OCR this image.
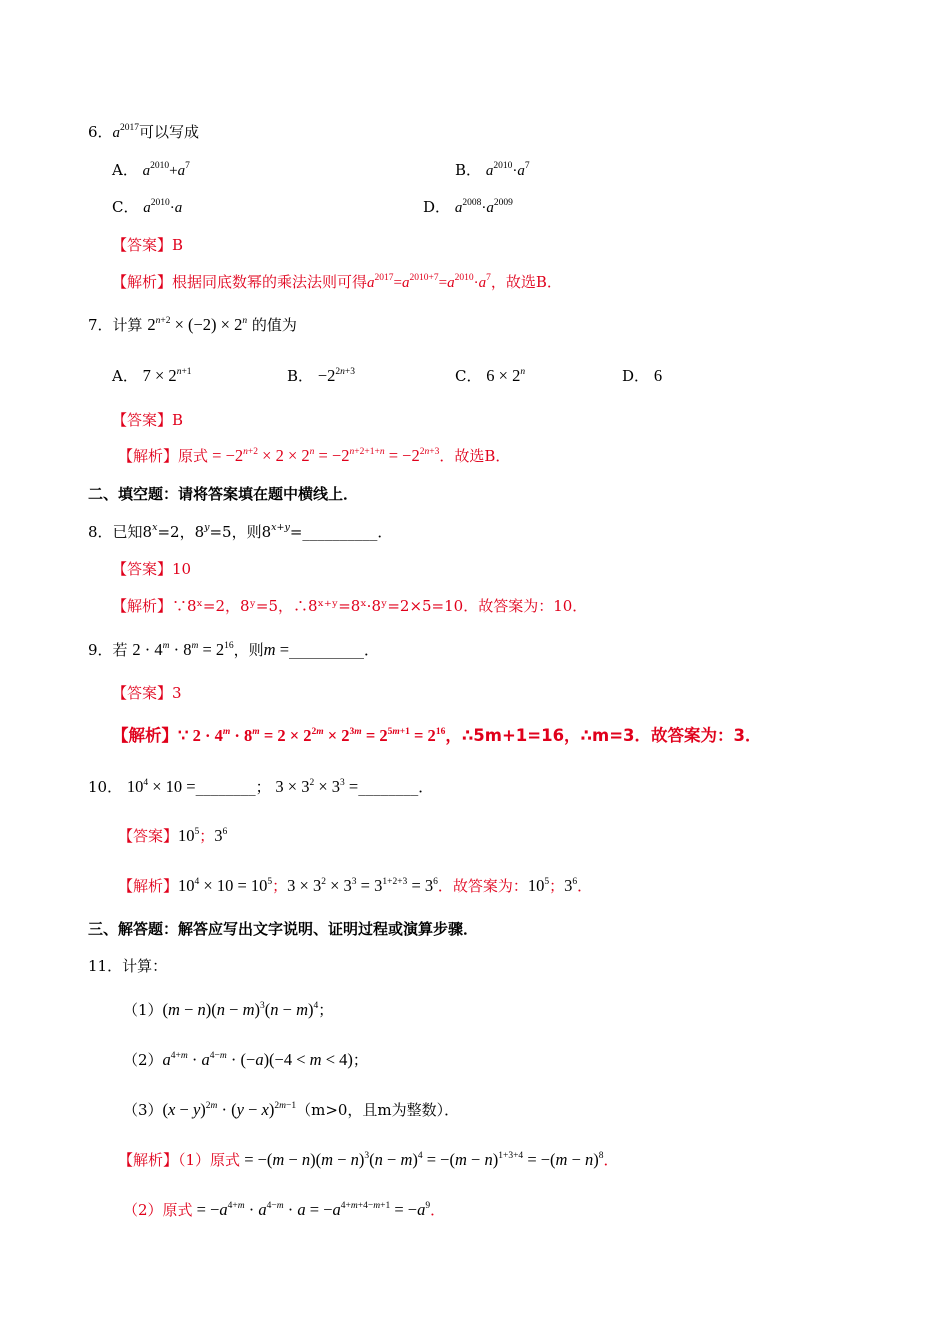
6．$a^{2017}$可以写成
A． $a^{2010}+a^7$	B． $a^{2010}\cdot a^7$
C． $a^{2010}\cdot a$	D． $a^{2008}\cdot a^{2009}$
【答案】B
【解析】根据同底数幂的乘法法则可得$a^{2017}=a^{2010+7}=a^{2010}\cdot a^7$，故选B．
7．计算 $2^{n+2} \times (-2) \times 2^n$ 的值为
A． $7 \times 2^{n+1}$	B． $-2^{2n+3}$	C． $6 \times 2^n$	D． 6
【答案】B
【解析】原式 = $-2^{n+2} \times 2 \times 2^n = -2^{n+2+1+n} = -2^{2n+3}$．故选B．
二、填空题：请将答案填在题中横线上．
8．已知$8^x=2$，$8^y=5$，则$8^{x+y}=\_\_\_\_\_\_\_\_\_\_$．
【答案】10
【解析】∵8ˣ=2，8ʸ=5，∴8ˣ⁺ʸ=8ˣ·8ʸ=2×5=10．故答案为：10．
9．若 $2 \cdot 4^m \cdot 8^m = 2^{16}$，则m =__________．
【答案】3
【解析】∵ $2 \cdot 4^m \cdot 8^m = 2 \times 2^{2m} \times 2^{3m} = 2^{5m+1} = 2^{16}$，∴5m+1=16，∴m=3．故答案为：3．
10． $10^4 \times 10$ =________； $3 \times 3^2 \times 3^3$ =________．
【答案】$10^5$；$3^6$
【解析】$10^4 \times 10 = 10^5$；$3 \times 3^2 \times 3^3 = 3^{1+2+3} = 3^6$．故答案为：$10^5$；$3^6$．
三、解答题：解答应写出文字说明、证明过程或演算步骤．
11．计算：
$(1)(m - n)(n - m)^3(n - m)^4$；
$(2)a^{4+m} \cdot a^{4-m} \cdot (-a)(-4 < m < 4)$；
$(3)(x - y)^{2m} \cdot (y - x)^{2m-1}(m>0$，且m为整数）．
【解析】（1）原式 = $-(m - n)(m - n)^3(n - m)^4 = -(m - n)^{1+3+4} = -(m - n)^8$．
（2）原式 = $-a^{4+m} \cdot a^{4-m} \cdot a = -a^{4+m+4-m+1} = -a^9$．
